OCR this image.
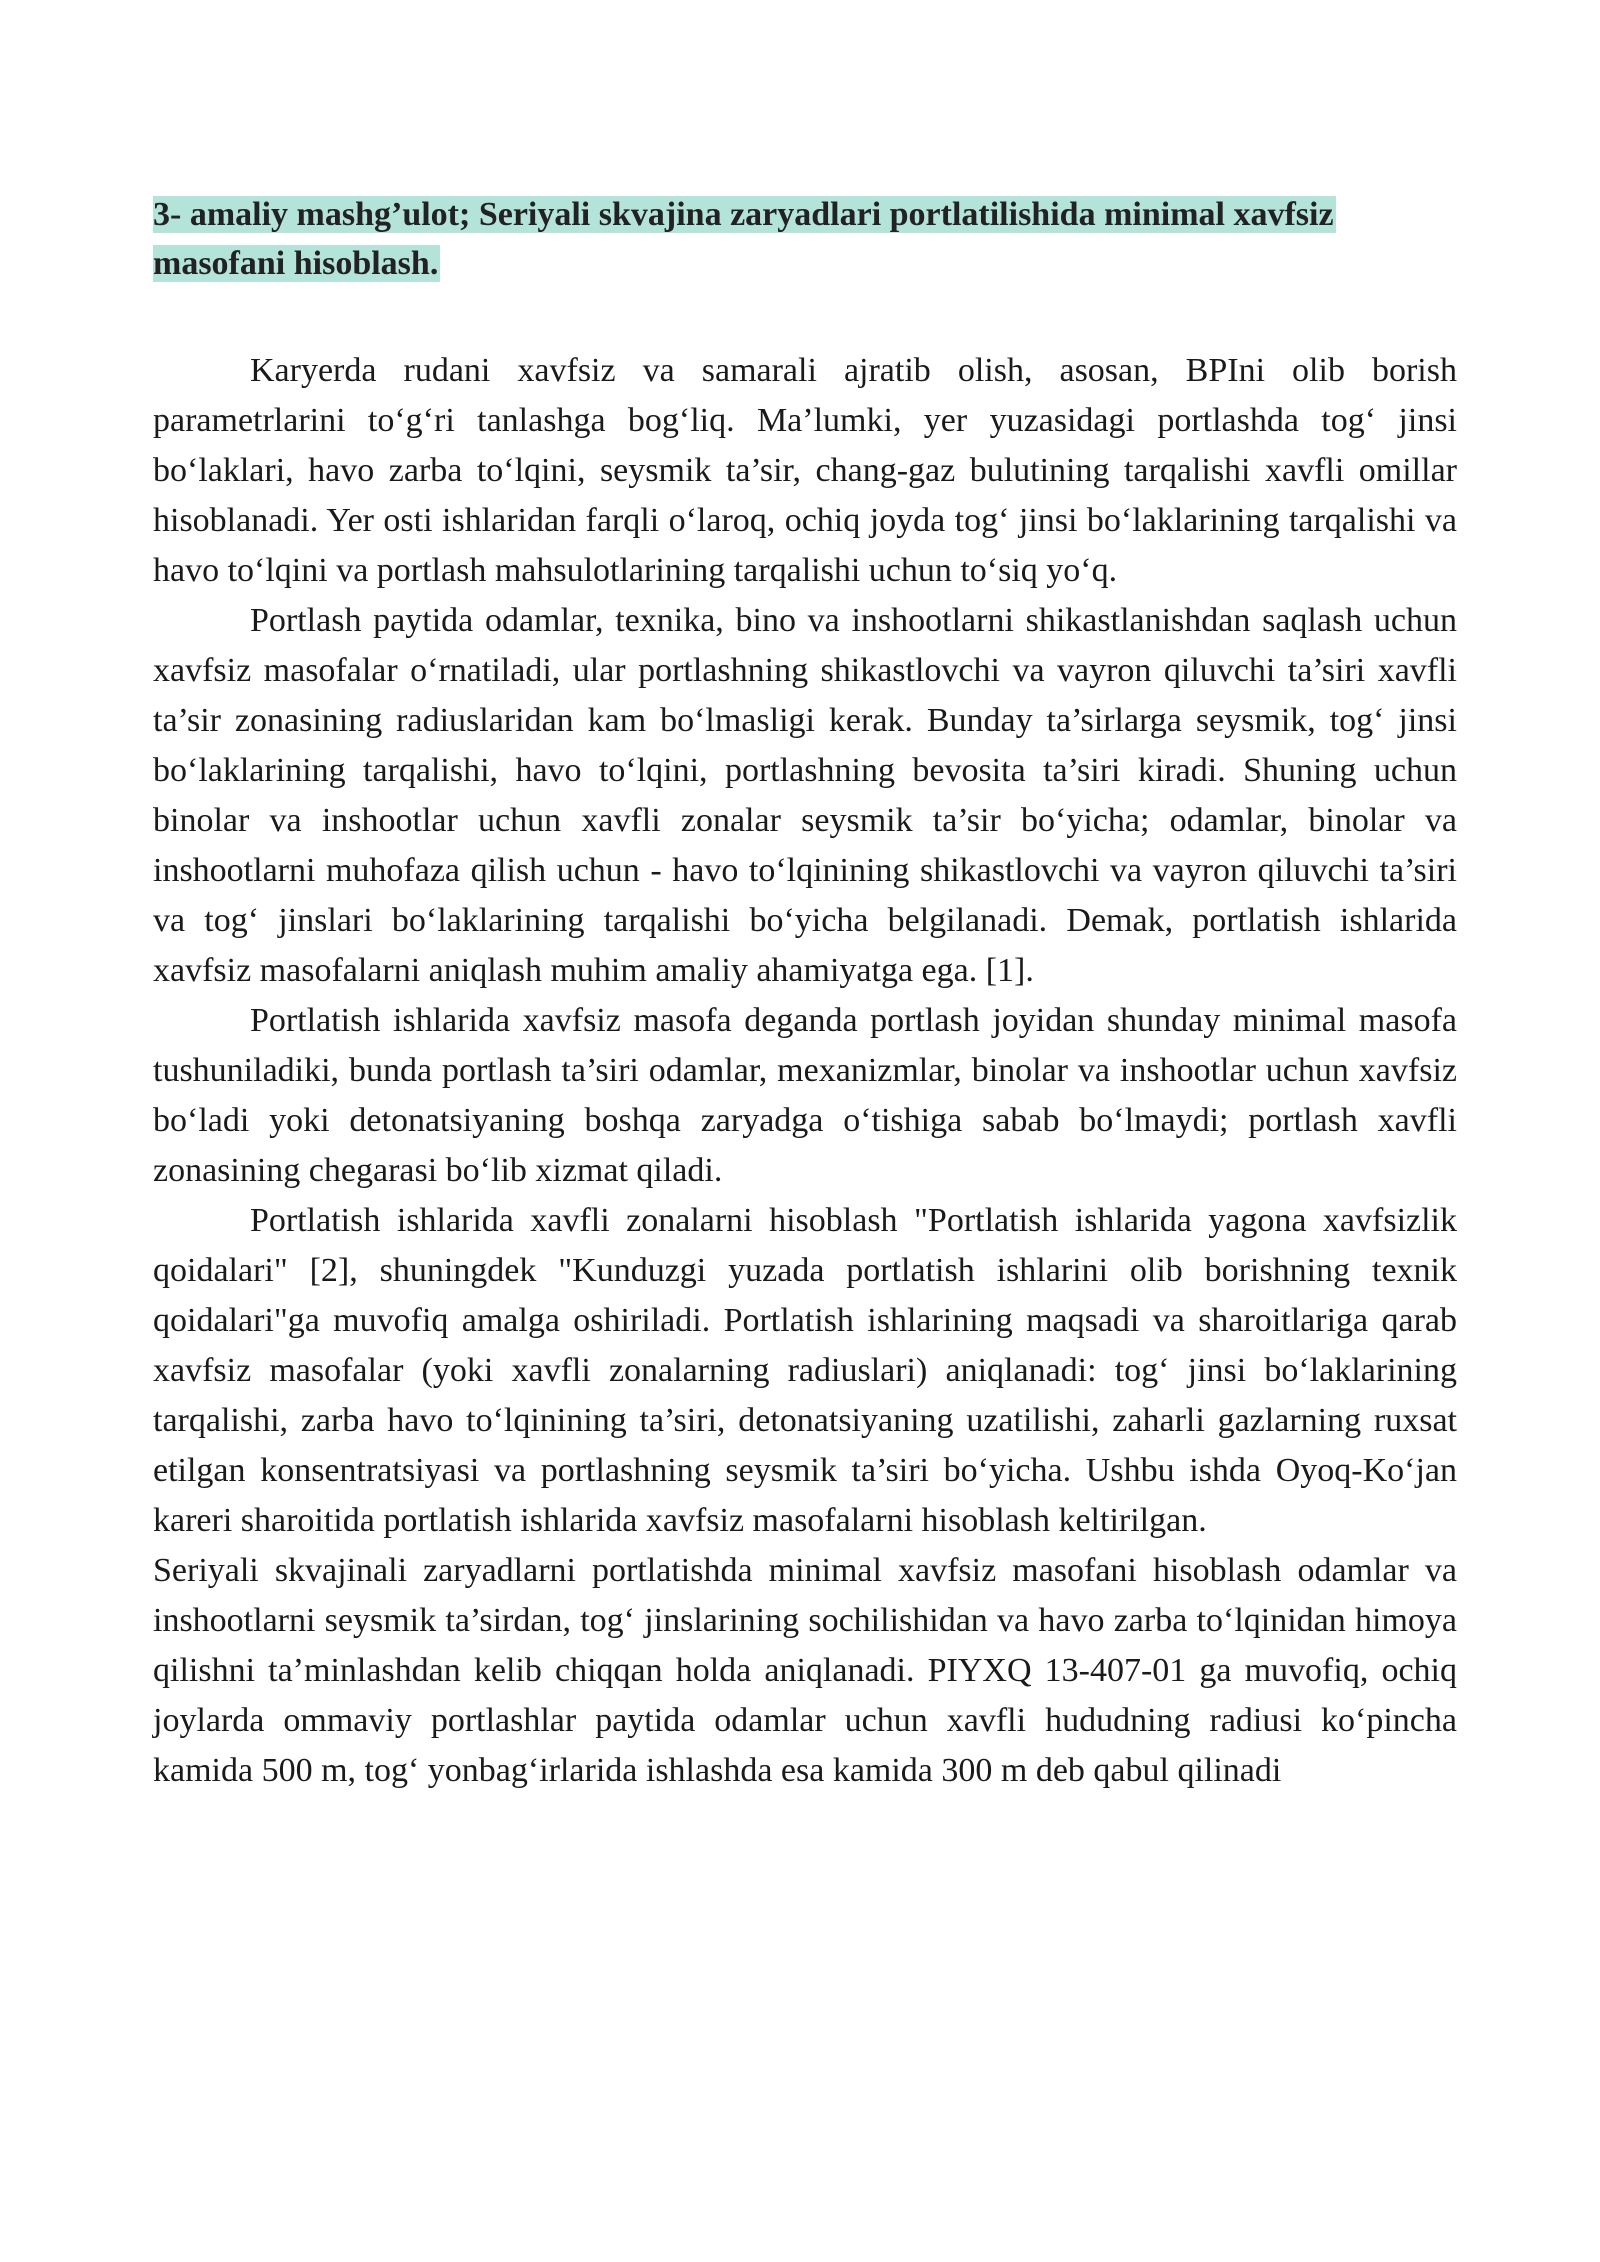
3- amaliy mashg’ulot; Seriyali skvajina zaryadlari portlatilishida minimal xavfsiz masofani hisoblash.

Karyerda rudani xavfsiz va samarali ajratib olish, asosan, BPIni olib borish parametrlarini to‘g‘ri tanlashga bog‘liq. Ma’lumki, yer yuzasidagi portlashda tog‘ jinsi bo‘laklari, havo zarba to‘lqini, seysmik ta’sir, chang-gaz bulutining tarqalishi xavfli omillar hisoblanadi. Yer osti ishlaridan farqli o‘laroq, ochiq joyda tog‘ jinsi bo‘laklarining tarqalishi va havo to‘lqini va portlash mahsulotlarining tarqalishi uchun to‘siq yo‘q.

Portlash paytida odamlar, texnika, bino va inshootlarni shikastlanishdan saqlash uchun xavfsiz masofalar o‘rnatiladi, ular portlashning shikastlovchi va vayron qiluvchi ta’siri xavfli ta’sir zonasining radiuslaridan kam bo‘lmasligi kerak. Bunday ta’sirlarga seysmik, tog‘ jinsi bo‘laklarining tarqalishi, havo to‘lqini, portlashning bevosita ta’siri kiradi. Shuning uchun binolar va inshootlar uchun xavfli zonalar seysmik ta’sir bo‘yicha; odamlar, binolar va inshootlarni muhofaza qilish uchun - havo to‘lqinining shikastlovchi va vayron qiluvchi ta’siri va tog‘ jinslari bo‘laklarining tarqalishi bo‘yicha belgilanadi. Demak, portlatish ishlarida xavfsiz masofalarni aniqlash muhim amaliy ahamiyatga ega. [1].

Portlatish ishlarida xavfsiz masofa deganda portlash joyidan shunday minimal masofa tushuniladiki, bunda portlash ta’siri odamlar, mexanizmlar, binolar va inshootlar uchun xavfsiz bo‘ladi yoki detonatsiyaning boshqa zaryadga o‘tishiga sabab bo‘lmaydi; portlash xavfli zonasining chegarasi bo‘lib xizmat qiladi.

Portlatish ishlarida xavfli zonalarni hisoblash "Portlatish ishlarida yagona xavfsizlik qoidalari" [2], shuningdek "Kunduzgi yuzada portlatish ishlarini olib borishning texnik qoidalari"ga muvofiq amalga oshiriladi. Portlatish ishlarining maqsadi va sharoitlariga qarab xavfsiz masofalar (yoki xavfli zonalarning radiuslari) aniqlanadi: tog‘ jinsi bo‘laklarining tarqalishi, zarba havo to‘lqinining ta’siri, detonatsiyaning uzatilishi, zaharli gazlarning ruxsat etilgan konsentratsiyasi va portlashning seysmik ta’siri bo‘yicha. Ushbu ishda Oyoq-Ko‘jan kareri sharoitida portlatish ishlarida xavfsiz masofalarni hisoblash keltirilgan.

Seriyali skvajinali zaryadlarni portlatishda minimal xavfsiz masofani hisoblash odamlar va inshootlarni seysmik ta’sirdan, tog‘ jinslarining sochilishidan va havo zarba to‘lqinidan himoya qilishni ta’minlashdan kelib chiqqan holda aniqlanadi. PIYXQ 13-407-01 ga muvofiq, ochiq joylarda ommaviy portlashlar paytida odamlar uchun xavfli hududning radiusi ko‘pincha kamida 500 m, tog‘ yonbag‘irlarida ishlashda esa kamida 300 m deb qabul qilinadi
